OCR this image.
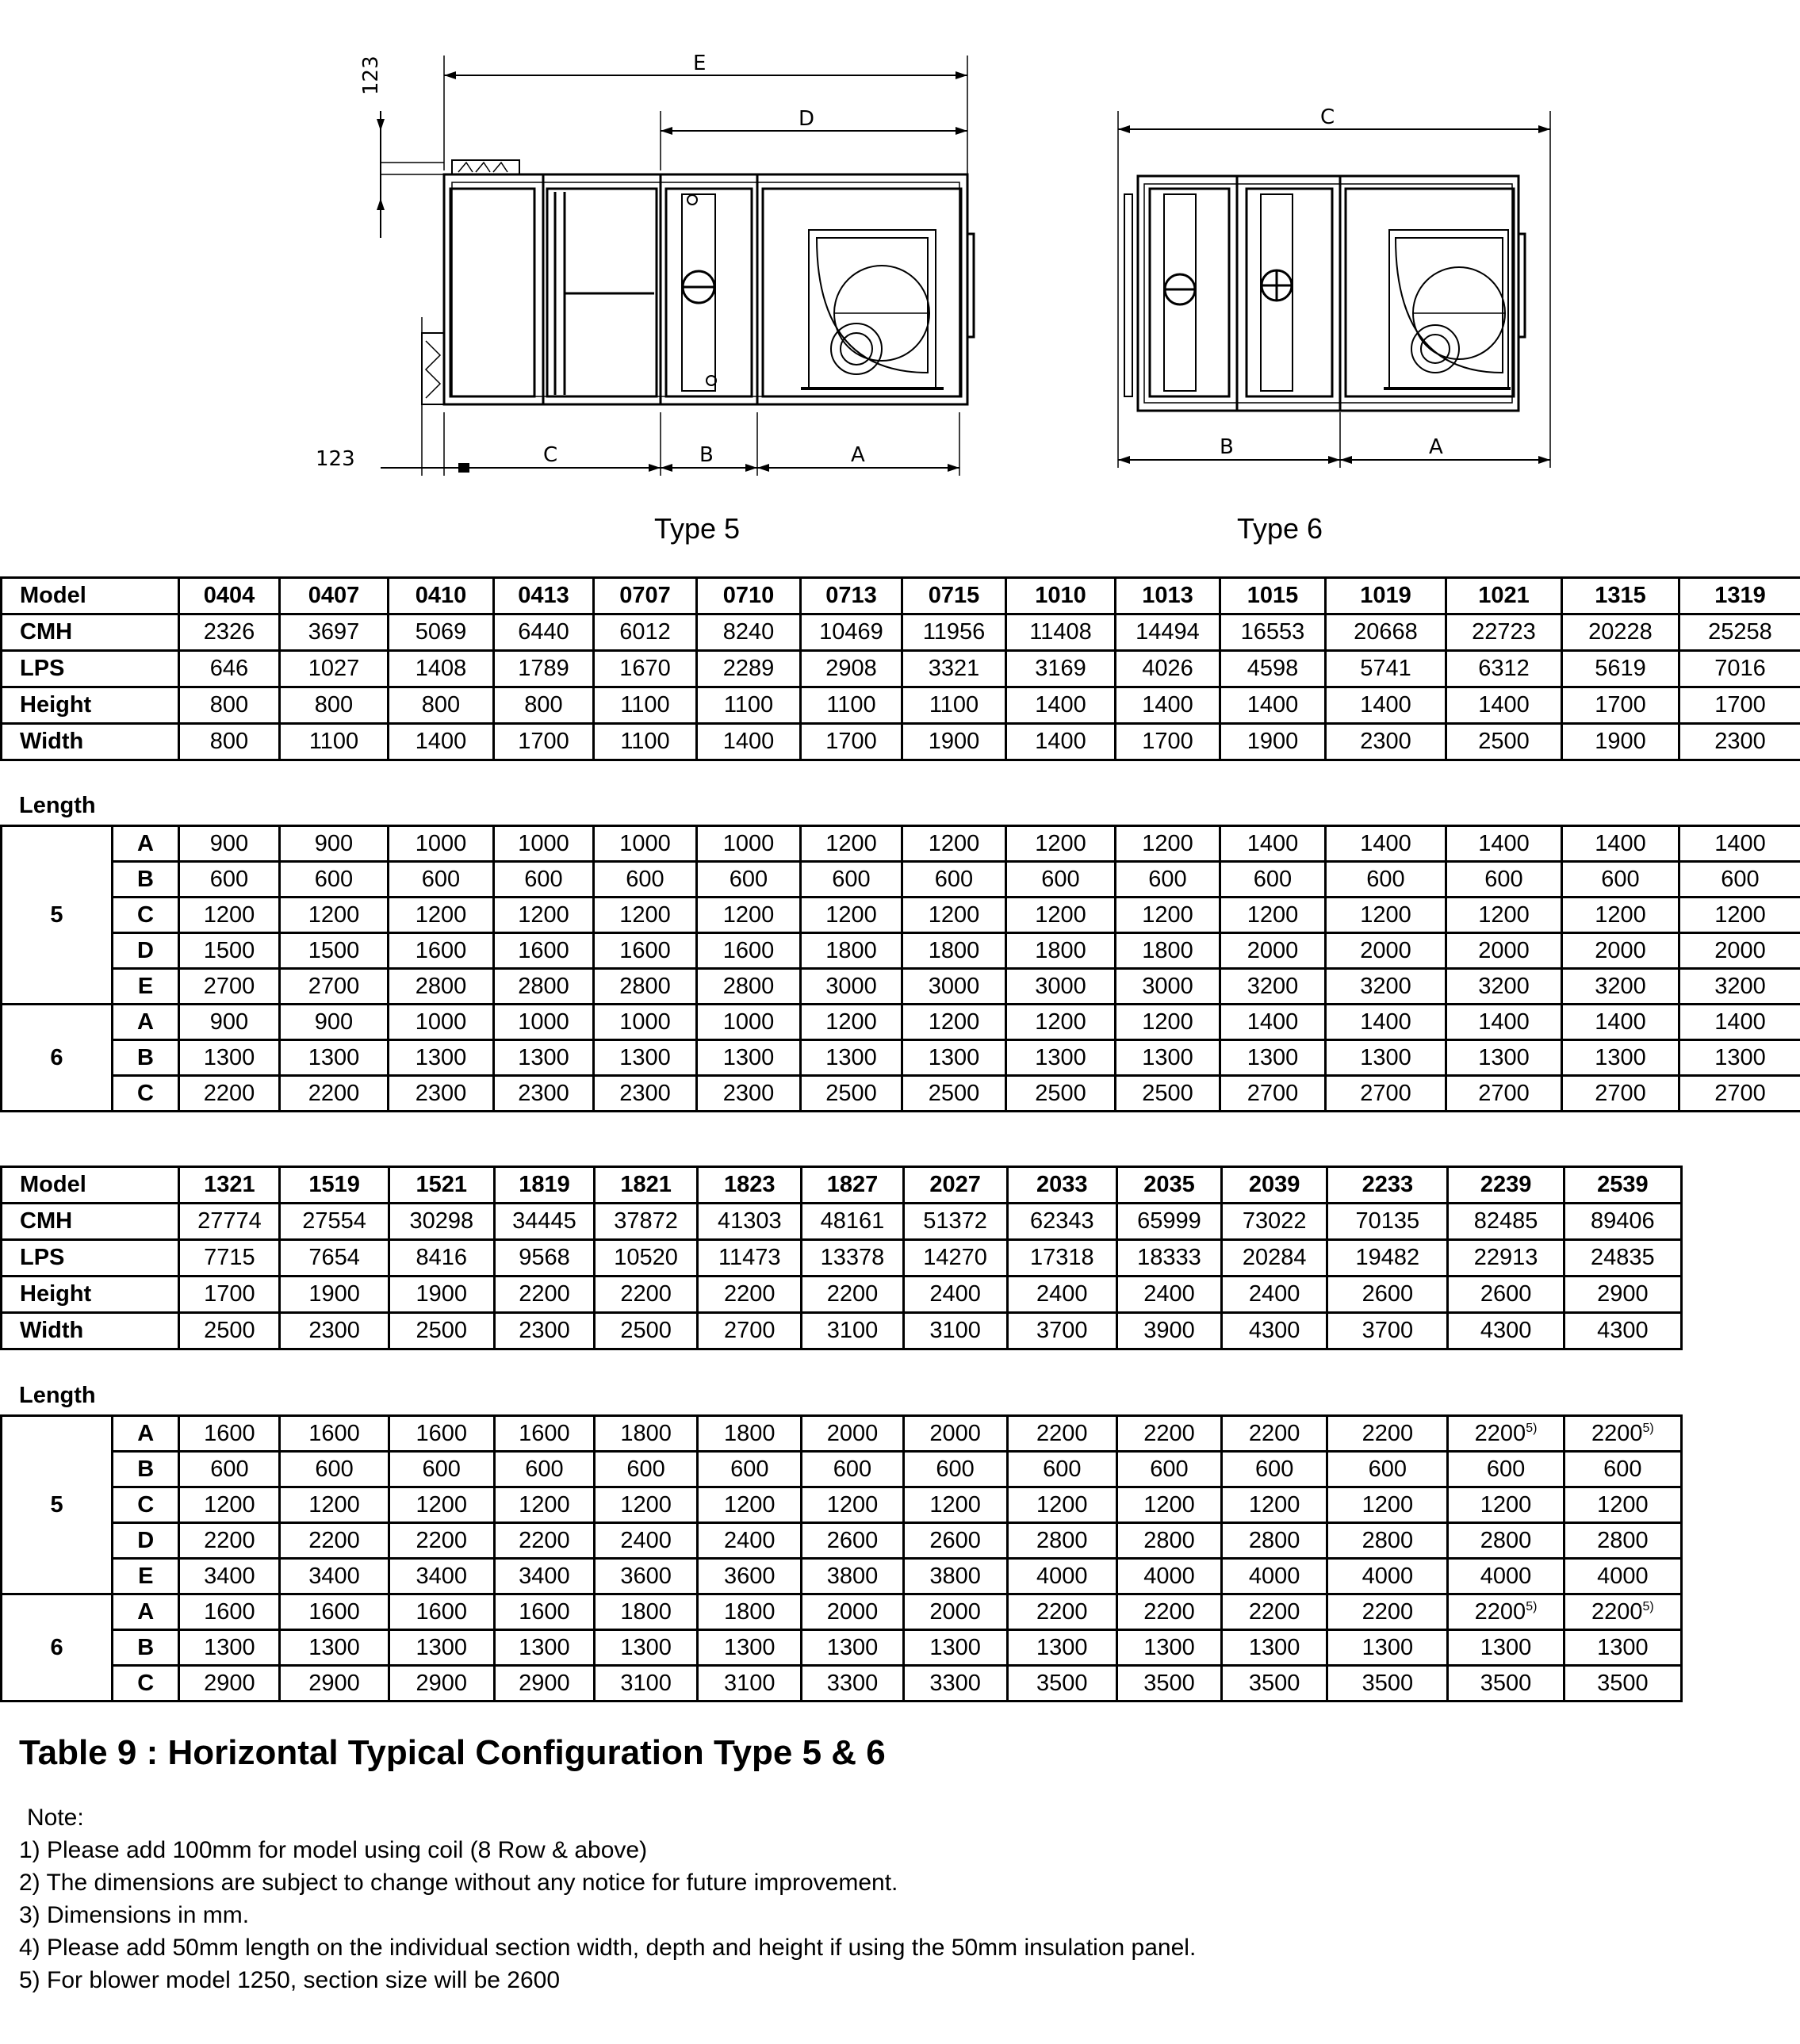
E
D
C	B	A
123
123
C
B	A
Type 5	Type 6
Model	0404	0407	0410	0413	0707	0710	0713	0715	1010	1013	1015	1019	1021	1315	1319
CMH	2326	3697	5069	6440	6012	8240	10469	11956	11408	14494	16553	20668	22723	20228	25258
LPS	646	1027	1408	1789	1670	2289	2908	3321	3169	4026	4598	5741	6312	5619	7016
Height	800	800	800	800	1100	1100	1100	1100	1400	1400	1400	1400	1400	1700	1700
Width	800	1100	1400	1700	1100	1400	1700	1900	1400	1700	1900	2300	2500	1900	2300
Length
5	A	900	900	1000	1000	1000	1000	1200	1200	1200	1200	1400	1400	1400	1400	1400
	B	600	600	600	600	600	600	600	600	600	600	600	600	600	600	600
	C	1200	1200	1200	1200	1200	1200	1200	1200	1200	1200	1200	1200	1200	1200	1200
	D	1500	1500	1600	1600	1600	1600	1800	1800	1800	1800	2000	2000	2000	2000	2000
	E	2700	2700	2800	2800	2800	2800	3000	3000	3000	3000	3200	3200	3200	3200	3200
6	A	900	900	1000	1000	1000	1000	1200	1200	1200	1200	1400	1400	1400	1400	1400
	B	1300	1300	1300	1300	1300	1300	1300	1300	1300	1300	1300	1300	1300	1300	1300
	C	2200	2200	2300	2300	2300	2300	2500	2500	2500	2500	2700	2700	2700	2700	2700
Model	1321	1519	1521	1819	1821	1823	1827	2027	2033	2035	2039	2233	2239	2539
CMH	27774	27554	30298	34445	37872	41303	48161	51372	62343	65999	73022	70135	82485	89406
LPS	7715	7654	8416	9568	10520	11473	13378	14270	17318	18333	20284	19482	22913	24835
Height	1700	1900	1900	2200	2200	2200	2200	2400	2400	2400	2400	2600	2600	2900
Width	2500	2300	2500	2300	2500	2700	3100	3100	3700	3900	4300	3700	4300	4300
Length
5	A	1600	1600	1600	1600	1800	1800	2000	2000	2200	2200	2200	2200	2200$^{5)}$	2200$^{5)}$
	B	600	600	600	600	600	600	600	600	600	600	600	600	600	600
	C	1200	1200	1200	1200	1200	1200	1200	1200	1200	1200	1200	1200	1200	1200
	D	2200	2200	2200	2200	2400	2400	2600	2600	2800	2800	2800	2800	2800	2800
	E	3400	3400	3400	3400	3600	3600	3800	3800	4000	4000	4000	4000	4000	4000
6	A	1600	1600	1600	1600	1800	1800	2000	2000	2200	2200	2200	2200	2200$^{5)}$	2200$^{5)}$
	B	1300	1300	1300	1300	1300	1300	1300	1300	1300	1300	1300	1300	1300	1300
	C	2900	2900	2900	2900	3100	3100	3300	3300	3500	3500	3500	3500	3500	3500
Table 9 : Horizontal Typical Configuration Type 5 & 6
Note:
1) Please add 100mm for model using coil (8 Row & above)
2) The dimensions are subject to change without any notice for future improvement.
3) Dimensions in mm.
4) Please add 50mm length on the individual section width, depth and height if using the 50mm insulation panel.
5) For blower model 1250, section size will be 2600
